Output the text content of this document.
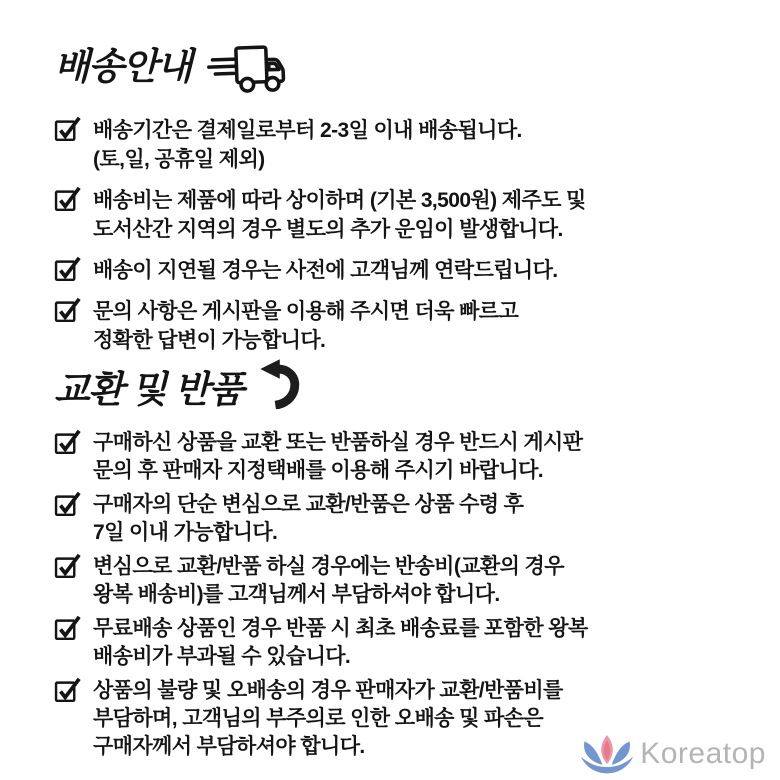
배송안내
배송기간은 결제일로부터 2-3일 이내 배송됩니다.
(토,일, 공휴일 제외)
배송비는 제품에 따라 상이하며 (기본 3,500원) 제주도 및
도서산간 지역의 경우 별도의 추가 운임이 발생합니다.
배송이 지연될 경우는 사전에 고객님께 연락드립니다.
문의 사항은 게시판을 이용해 주시면 더욱 빠르고
정확한 답변이 가능합니다.
교환 및 반품
구매하신 상품을 교환 또는 반품하실 경우 반드시 게시판
문의 후 판매자 지정택배를 이용해 주시기 바랍니다.
구매자의 단순 변심으로 교환/반품은 상품 수령 후
7일 이내 가능합니다.
변심으로 교환/반품 하실 경우에는 반송비(교환의 경우
왕복 배송비)를 고객님께서 부담하셔야 합니다.
무료배송 상품인 경우 반품 시 최초 배송료를 포함한 왕복
배송비가 부과될 수 있습니다.
상품의 불량 및 오배송의 경우 판매자가 교환/반품비를
부담하며, 고객님의 부주의로 인한 오배송 및 파손은
구매자께서 부담하셔야 합니다.	Koreatop
